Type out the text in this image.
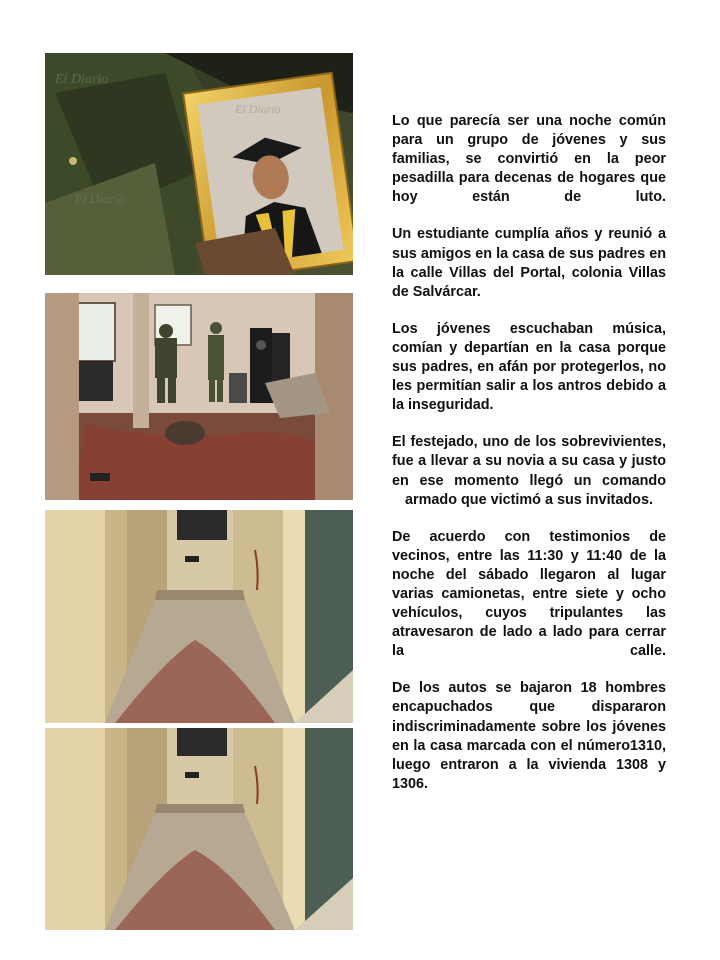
El Diario
El Diario
El Diario

Lo que parecía ser una noche común para un grupo de jóvenes y sus familias, se convirtió en la peor pesadilla para decenas de hogares que hoy están de luto.

Un estudiante cumplía años y reunió a sus amigos en la casa de sus padres en la calle Villas del Portal, colonia Villas de Salvárcar.

Los jóvenes escuchaban música, comían y departían en la casa porque sus padres, en afán por protegerlos, no les permitían salir a los antros debido a la inseguridad.

El festejado, uno de los sobrevivientes, fue a llevar a su novia a su casa y justo en ese momento llegó un comando armado que victimó a sus invitados.

De acuerdo con testimonios de vecinos, entre las 11:30 y 11:40 de la noche del sábado llegaron al lugar varias camionetas, entre siete y ocho vehículos, cuyos tripulantes las atravesaron de lado a lado para cerrar la calle.

De los autos se bajaron 18 hombres encapuchados que dispararon indiscriminadamente sobre los jóvenes en la casa marcada con el número1310, luego entraron a la vivienda 1308 y 1306.
